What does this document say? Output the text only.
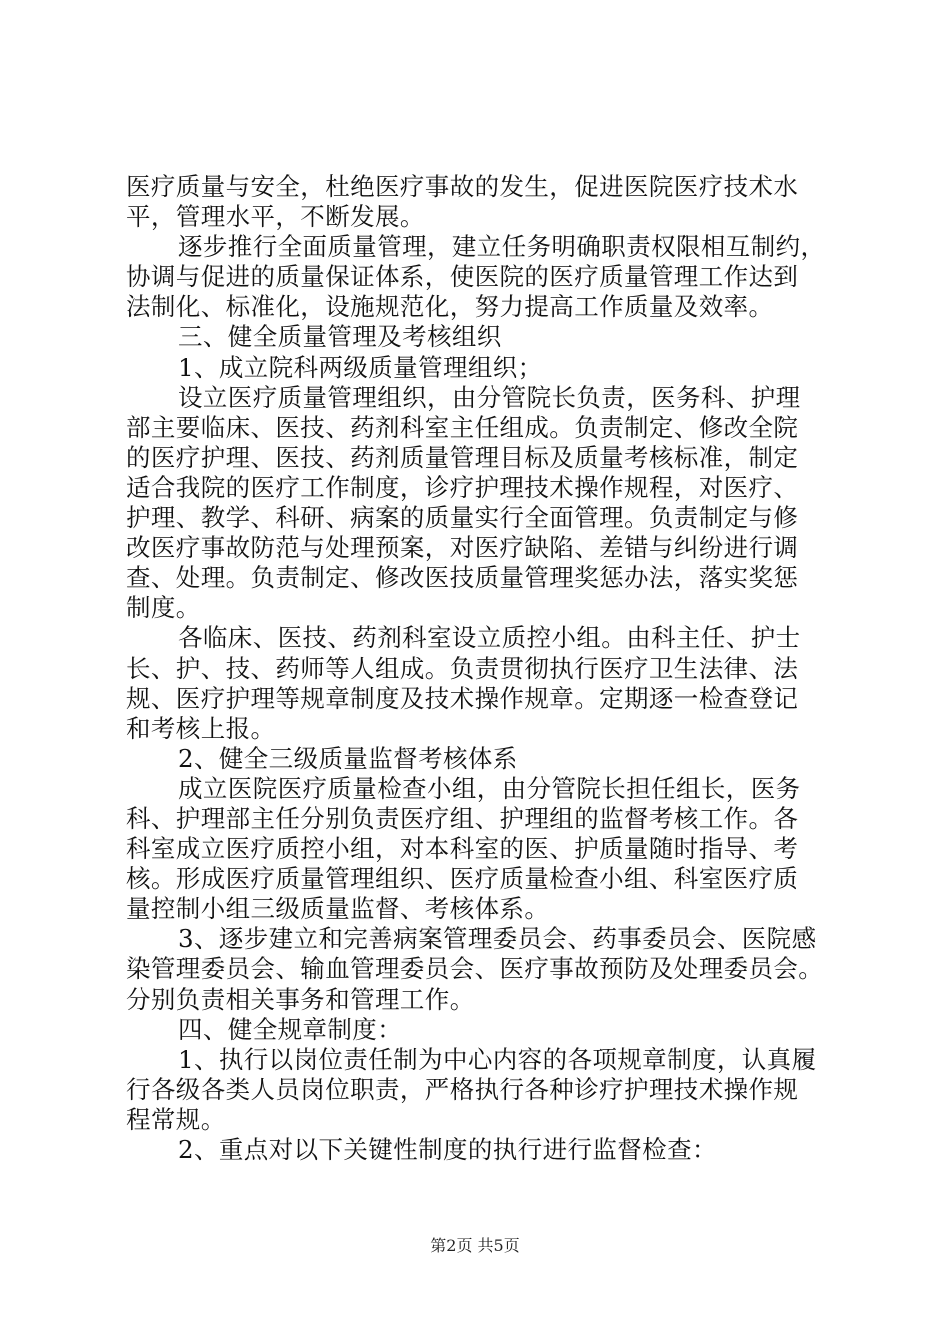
医疗质量与安全，杜绝医疗事故的发生，促进医院医疗技术水
平，管理水平，不断发展。
逐步推行全面质量管理，建立任务明确职责权限相互制约，
协调与促进的质量保证体系，使医院的医疗质量管理工作达到
法制化、标准化，设施规范化，努力提高工作质量及效率。
三、健全质量管理及考核组织
1、成立院科两级质量管理组织；
设立医疗质量管理组织，由分管院长负责，医务科、护理
部主要临床、医技、药剂科室主任组成。负责制定、修改全院
的医疗护理、医技、药剂质量管理目标及质量考核标准，制定
适合我院的医疗工作制度，诊疗护理技术操作规程，对医疗、
护理、教学、科研、病案的质量实行全面管理。负责制定与修
改医疗事故防范与处理预案，对医疗缺陷、差错与纠纷进行调
查、处理。负责制定、修改医技质量管理奖惩办法，落实奖惩
制度。
各临床、医技、药剂科室设立质控小组。由科主任、护士
长、护、技、药师等人组成。负责贯彻执行医疗卫生法律、法
规、医疗护理等规章制度及技术操作规章。定期逐一检查登记
和考核上报。
2、健全三级质量监督考核体系
成立医院医疗质量检查小组，由分管院长担任组长，医务
科、护理部主任分别负责医疗组、护理组的监督考核工作。各
科室成立医疗质控小组，对本科室的医、护质量随时指导、考
核。形成医疗质量管理组织、医疗质量检查小组、科室医疗质
量控制小组三级质量监督、考核体系。
3、逐步建立和完善病案管理委员会、药事委员会、医院感
染管理委员会、输血管理委员会、医疗事故预防及处理委员会。
分别负责相关事务和管理工作。
四、健全规章制度：
1、执行以岗位责任制为中心内容的各项规章制度，认真履
行各级各类人员岗位职责，严格执行各种诊疗护理技术操作规
程常规。
2、重点对以下关键性制度的执行进行监督检查：
第2页 共5页
